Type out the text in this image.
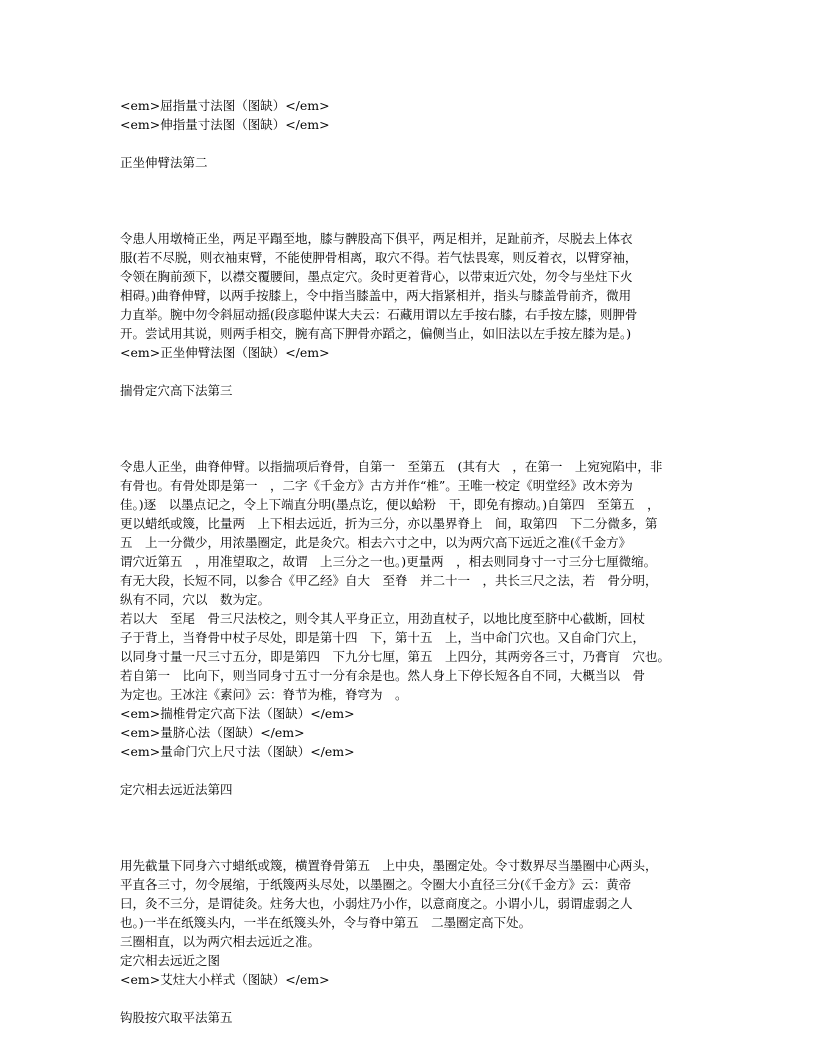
<em>屈指量寸法图（图缺）</em>
<em>伸指量寸法图（图缺）</em>
正坐伸臂法第二
令患人用墩椅正坐，两足平蹋至地，膝与髀股高下俱平，两足相并，足趾前齐，尽脱去上体衣
服(若不尽脱，则衣袖束臂，不能使胛骨相离，取穴不得。若气怯畏寒，则反着衣，以臂穿袖，
令领在胸前颈下，以襟交覆腰间，墨点定穴。灸时更着背心，以带束近穴处，勿令与坐炷下火
相碍。)曲脊伸臂，以两手按膝上，令中指当膝盖中，两大指紧相并，指头与膝盖骨前齐，微用
力直举。腕中勿令斜屈动摇(段彦聪仲谋大夫云：石藏用谓以左手按右膝，右手按左膝，则胛骨
开。尝试用其说，则两手相交，腕有高下胛骨亦蹈之，偏侧当止，如旧法以左手按左膝为是。)
<em>正坐伸臂法图（图缺）</em>
揣骨定穴高下法第三
令患人正坐，曲脊伸臂。以指揣项后脊骨，自第一　至第五　(其有大　，在第一　上宛宛陷中，非
有骨也。有骨处即是第一　，二字《千金方》古方并作“椎”。王唯一校定《明堂经》改木旁为
佳。)逐　以墨点记之，令上下端直分明(墨点讫，便以蛤粉　干，即免有擦动。)自第四　至第五　，
更以蜡纸或篾，比量两　上下相去远近，折为三分，亦以墨界脊上　间，取第四　下二分微多，第
五　上一分微少，用浓墨圈定，此是灸穴。相去六寸之中，以为两穴高下远近之准(《千金方》
谓穴近第五　，用准望取之，故谓　上三分之一也。)更量两　，相去则同身寸一寸三分七厘微缩。
有无大段，长短不同，以参合《甲乙经》自大　至脊　并二十一　，共长三尺之法，若　骨分明，
纵有不同，穴以　数为定。
若以大　至尾　骨三尺法校之，则令其人平身正立，用劲直杖子，以地比度至脐中心截断，回杖
子于背上，当脊骨中杖子尽处，即是第十四　下，第十五　上，当中命门穴也。又自命门穴上，
以同身寸量一尺三寸五分，即是第四　下九分七厘，第五　上四分，其两旁各三寸，乃膏肓　穴也。
若自第一　比向下，则当同身寸五寸一分有余是也。然人身上下停长短各自不同，大概当以　骨
为定也。王冰注《素问》云：脊节为椎，脊穹为　。
<em>揣椎骨定穴高下法（图缺）</em>
<em>量脐心法（图缺）</em>
<em>量命门穴上尺寸法（图缺）</em>
定穴相去远近法第四
用先截量下同身六寸蜡纸或篾，横置脊骨第五　上中央，墨圈定处。令寸数界尽当墨圈中心两头，
平直各三寸，勿令展缩，于纸篾两头尽处，以墨圈之。令圈大小直径三分(《千金方》云：黄帝
曰，灸不三分，是谓徒灸。炷务大也，小弱炷乃小作，以意商度之。小谓小儿，弱谓虚弱之人
也。)一半在纸篾头内，一半在纸篾头外，令与脊中第五　二墨圈定高下处。
三圈相直，以为两穴相去远近之准。
定穴相去远近之图
<em>艾炷大小样式（图缺）</em>
钩股按穴取平法第五
